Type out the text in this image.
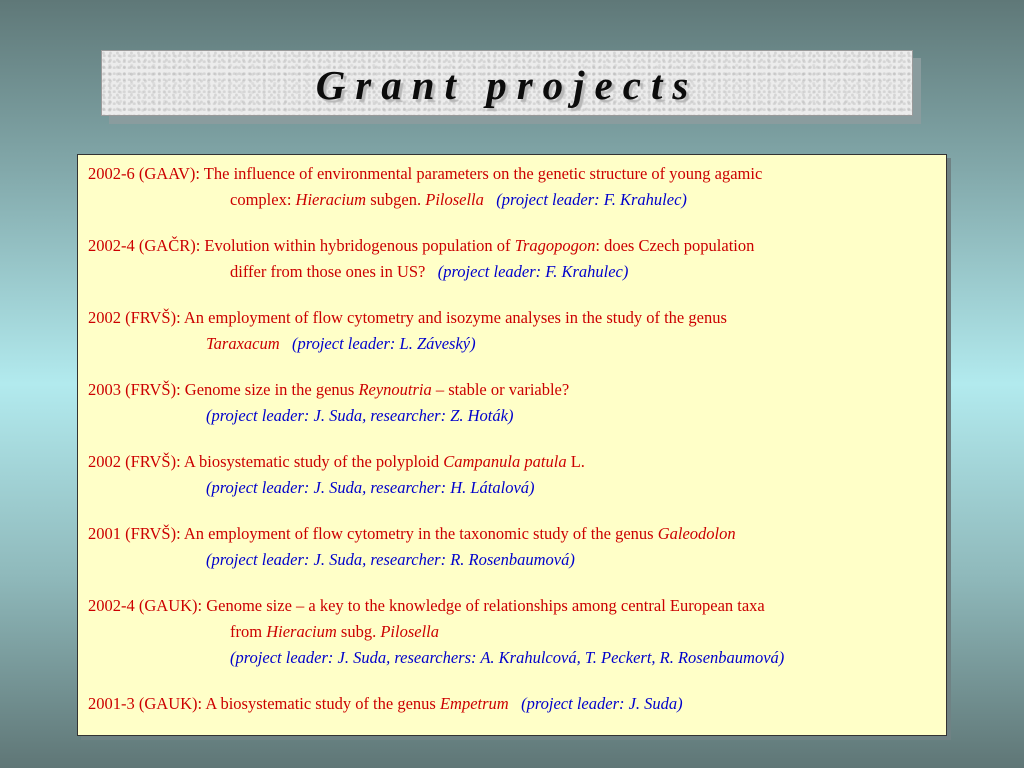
Grant projects
2002-6 (GAAV): The influence of environmental parameters on the genetic structure of young agamic
complex: Hieracium subgen. Pilosella (project leader: F. Krahulec)
2002-4 (GAČR): Evolution within hybridogenous population of Tragopogon: does Czech population
differ from those ones in US? (project leader: F. Krahulec)
2002 (FRVŠ): An employment of flow cytometry and isozyme analyses in the study of the genus
Taraxacum (project leader: L. Záveský)
2003 (FRVŠ): Genome size in the genus Reynoutria – stable or variable?
(project leader: J. Suda, researcher: Z. Hoták)
2002 (FRVŠ): A biosystematic study of the polyploid Campanula patula L.
(project leader: J. Suda, researcher: H. Látalová)
2001 (FRVŠ): An employment of flow cytometry in the taxonomic study of the genus Galeodolon
(project leader: J. Suda, researcher: R. Rosenbaumová)
2002-4 (GAUK): Genome size – a key to the knowledge of relationships among central European taxa
from Hieracium subg. Pilosella
(project leader: J. Suda, researchers: A. Krahulcová, T. Peckert, R. Rosenbaumová)
2001-3 (GAUK): A biosystematic study of the genus Empetrum (project leader: J. Suda)
